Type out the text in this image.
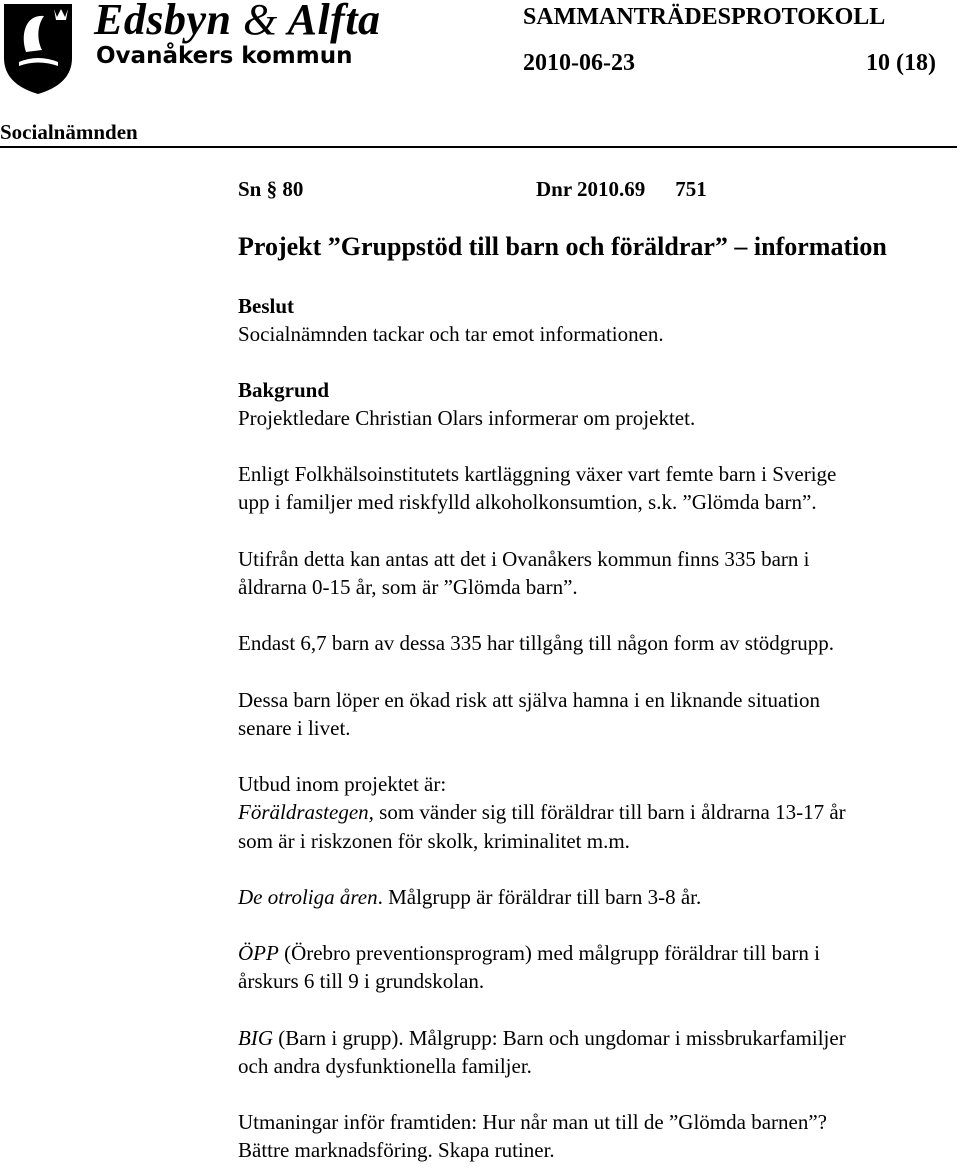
Edsbyn & Alfta
Ovanåkers kommun
SAMMANTRÄDESPROTOKOLL
2010-06-23	10 (18)
Socialnämnden
Sn § 80	Dnr 2010.69 751
Projekt ”Gruppstöd till barn och föräldrar” – information
Beslut
Socialnämnden tackar och tar emot informationen.
Bakgrund
Projektledare Christian Olars informerar om projektet.
Enligt Folkhälsoinstitutets kartläggning växer vart femte barn i Sverige
upp i familjer med riskfylld alkoholkonsumtion, s.k. ”Glömda barn”.
Utifrån detta kan antas att det i Ovanåkers kommun finns 335 barn i
åldrarna 0-15 år, som är ”Glömda barn”.
Endast 6,7 barn av dessa 335 har tillgång till någon form av stödgrupp.
Dessa barn löper en ökad risk att själva hamna i en liknande situation
senare i livet.
Utbud inom projektet är:
Föräldrastegen, som vänder sig till föräldrar till barn i åldrarna 13-17 år
som är i riskzonen för skolk, kriminalitet m.m.
De otroliga åren. Målgrupp är föräldrar till barn 3-8 år.
ÖPP (Örebro preventionsprogram) med målgrupp föräldrar till barn i
årskurs 6 till 9 i grundskolan.
BIG (Barn i grupp). Målgrupp: Barn och ungdomar i missbrukarfamiljer
och andra dysfunktionella familjer.
Utmaningar inför framtiden: Hur når man ut till de ”Glömda barnen”?
Bättre marknadsföring. Skapa rutiner.
